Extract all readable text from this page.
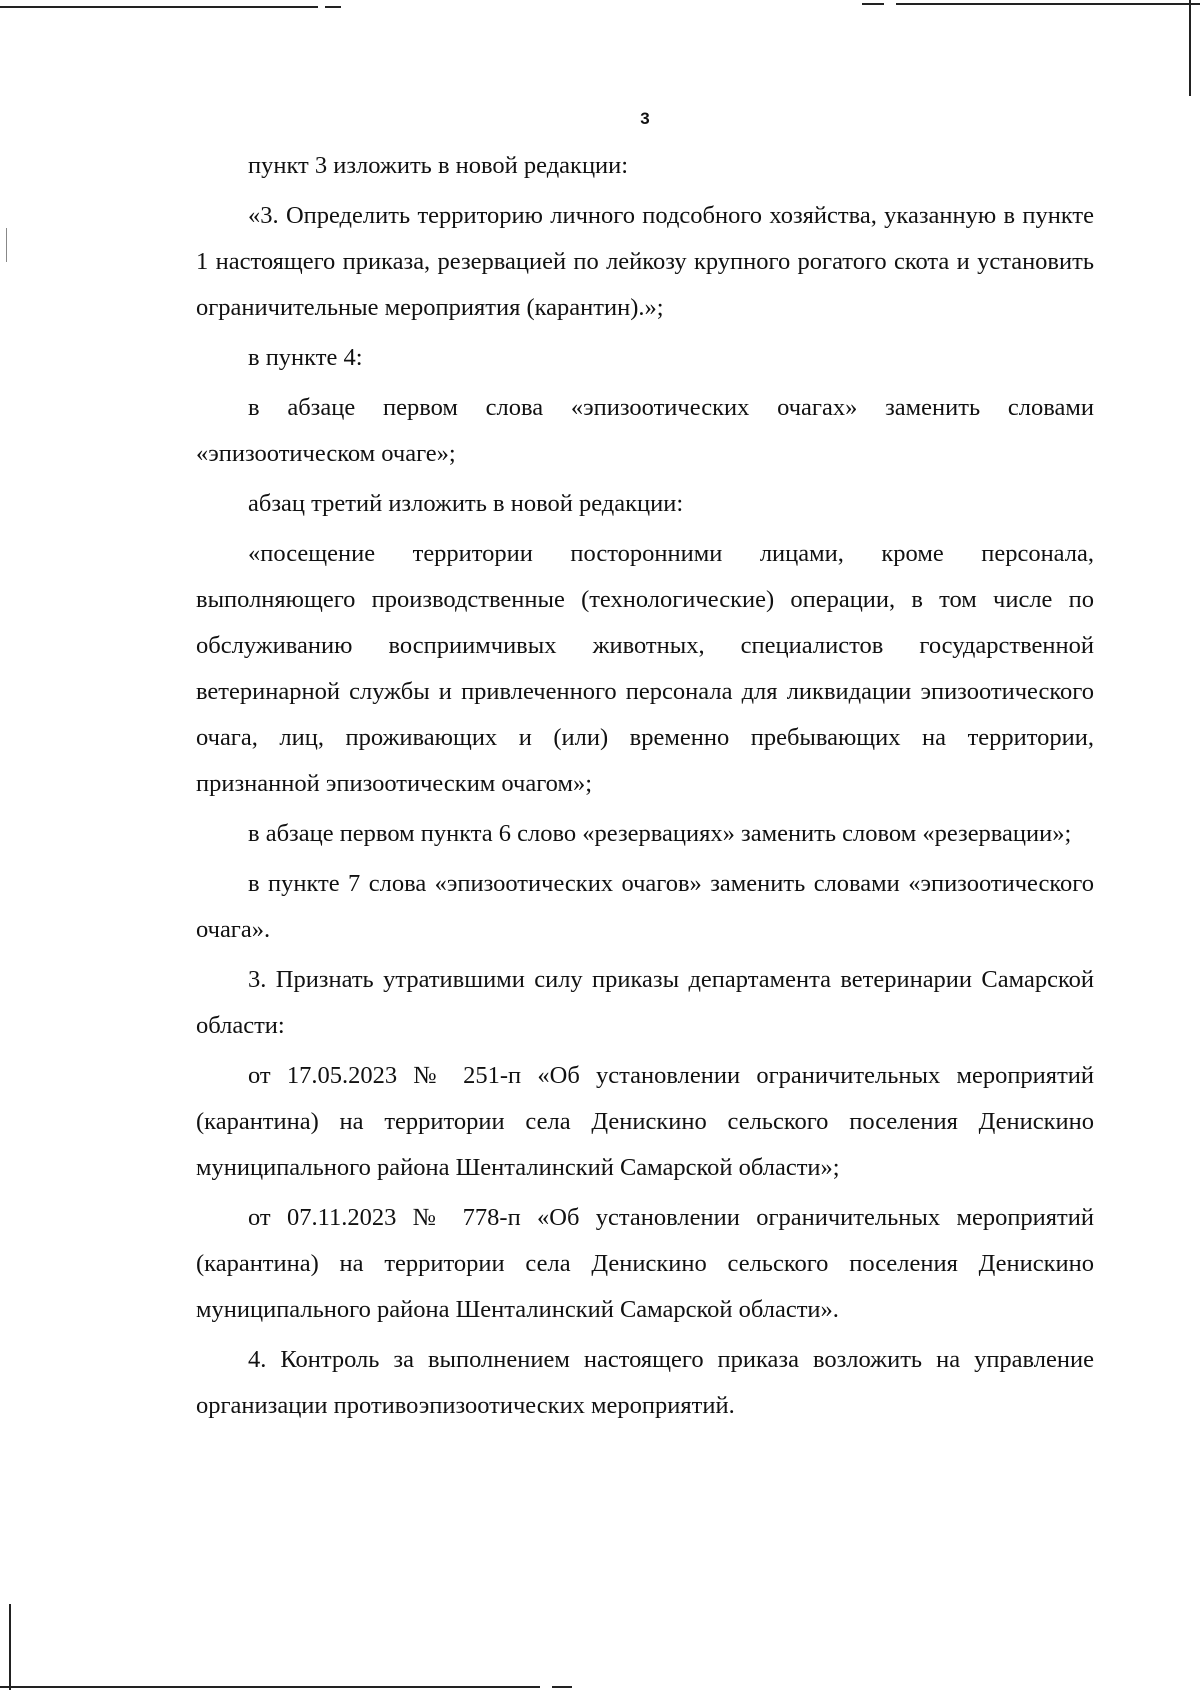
3

пункт 3 изложить в новой редакции:

«3. Определить территорию личного подсобного хозяйства, указанную в пункте 1 настоящего приказа, резервацией по лейкозу крупного рогатого скота и установить ограничительные мероприятия (карантин).»;

в пункте 4:

в абзаце первом слова «эпизоотических очагах» заменить словами «эпизоотическом очаге»;

абзац третий изложить в новой редакции:

«посещение территории посторонними лицами, кроме персонала, выполняющего производственные (технологические) операции, в том числе по обслуживанию восприимчивых животных, специалистов государственной ветеринарной службы и привлеченного персонала для ликвидации эпизоотического очага, лиц, проживающих и (или) временно пребывающих на территории, признанной эпизоотическим очагом»;

в абзаце первом пункта 6 слово «резервациях» заменить словом «резервации»;

в пункте 7 слова «эпизоотических очагов» заменить словами «эпизоотического очага».

3. Признать утратившими силу приказы департамента ветеринарии Самарской области:

от 17.05.2023 № 251-п «Об установлении ограничительных мероприятий (карантина) на территории села Денискино сельского поселения Денискино муниципального района Шенталинский Самарской области»;

от 07.11.2023 № 778-п «Об установлении ограничительных мероприятий (карантина) на территории села Денискино сельского поселения Денискино муниципального района Шенталинский Самарской области».

4. Контроль за выполнением настоящего приказа возложить на управление организации противоэпизоотических мероприятий.
